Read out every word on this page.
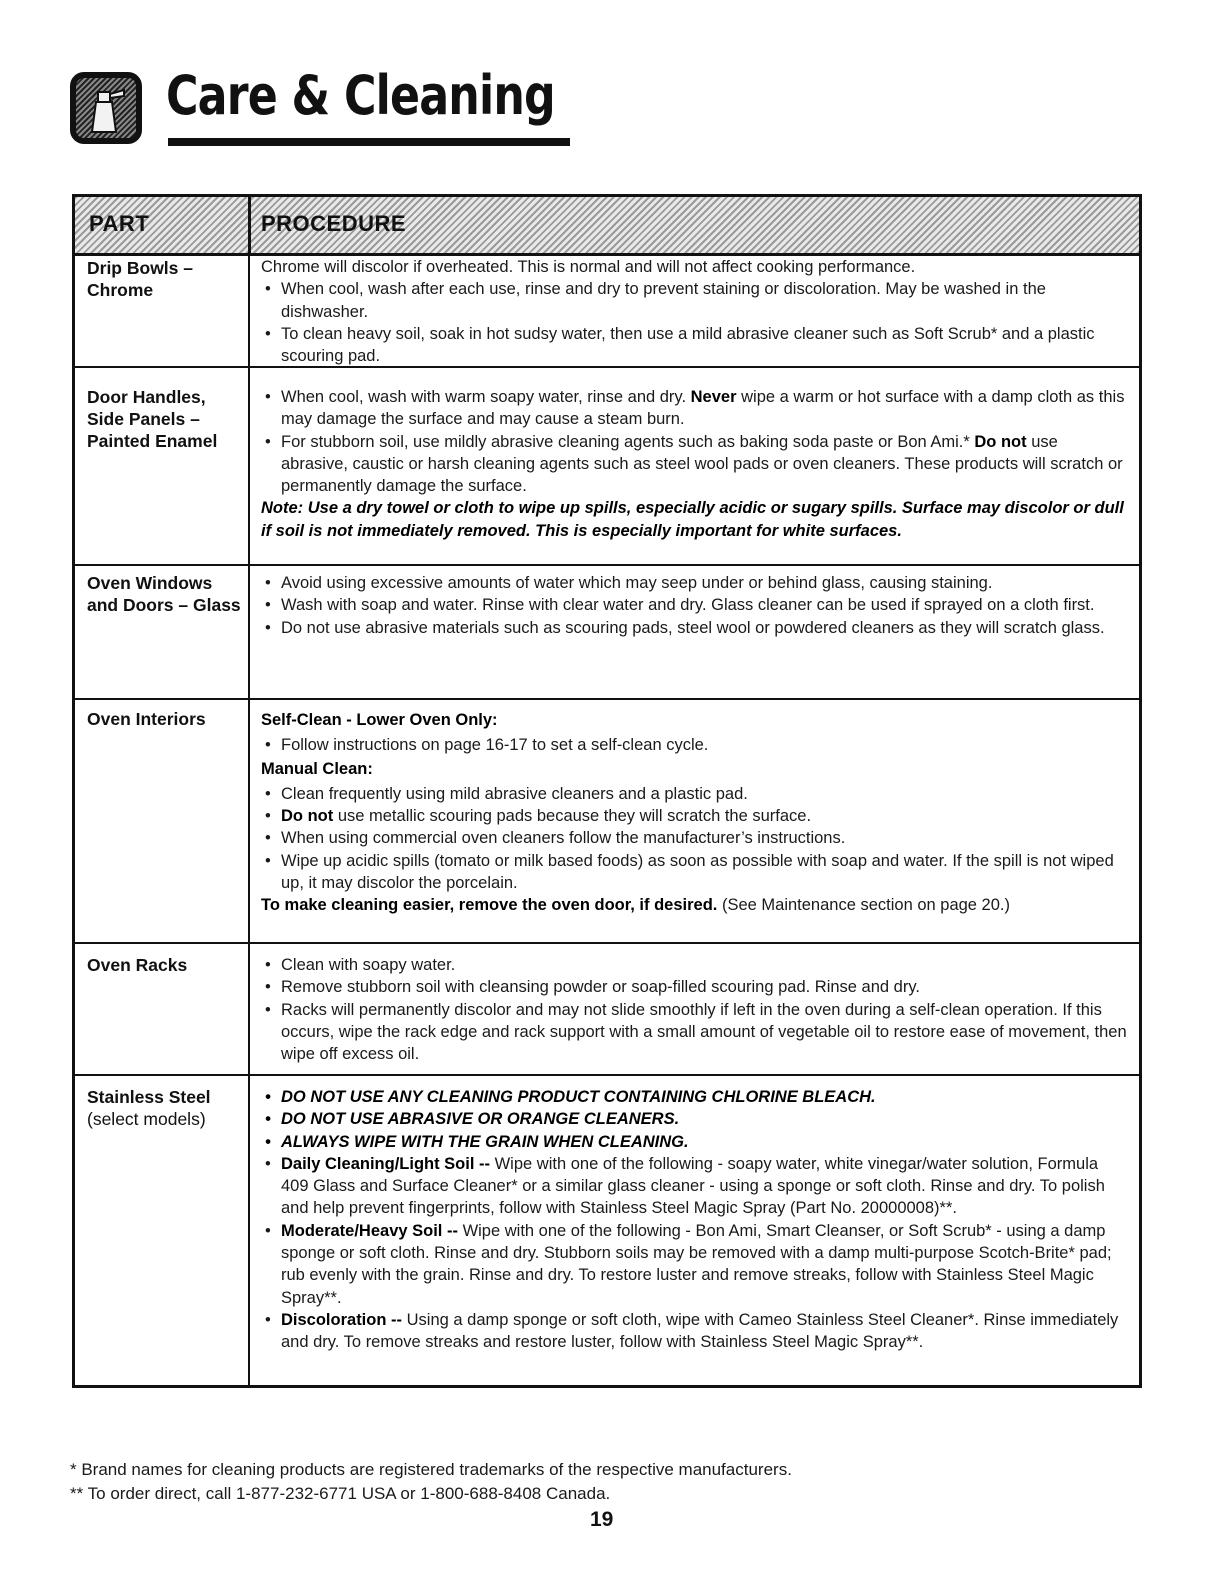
Care & Cleaning
PART	PROCEDURE
Drip Bowls – Chrome

Chrome will discolor if overheated. This is normal and will not affect cooking performance.

• When cool, wash after each use, rinse and dry to prevent staining or discoloration. May be washed in the dishwasher.
• To clean heavy soil, soak in hot sudsy water, then use a mild abrasive cleaner such as Soft Scrub* and a plastic scouring pad.
Door Handles, Side Panels – Painted Enamel
• When cool, wash with warm soapy water, rinse and dry. Never wipe a warm or hot surface with a damp cloth as this may damage the surface and may cause a steam burn.
• For stubborn soil, use mildly abrasive cleaning agents such as baking soda paste or Bon Ami.* Do not use abrasive, caustic or harsh cleaning agents such as steel wool pads or oven cleaners. These products will scratch or permanently damage the surface.

Note: Use a dry towel or cloth to wipe up spills, especially acidic or sugary spills. Surface may discolor or dull if soil is not immediately removed. This is especially important for white surfaces.

Oven Windows and Doors – Glass
• Avoid using excessive amounts of water which may seep under or behind glass, causing staining.
• Wash with soap and water. Rinse with clear water and dry. Glass cleaner can be used if sprayed on a cloth first.
• Do not use abrasive materials such as scouring pads, steel wool or powdered cleaners as they will scratch glass.
Oven Interiors	Self-Clean - Lower Oven Only:

• Follow instructions on page 16-17 to set a self-clean cycle.

Manual Clean:

• Clean frequently using mild abrasive cleaners and a plastic pad.
• Do not use metallic scouring pads because they will scratch the surface.
• When using commercial oven cleaners follow the manufacturer’s instructions.
• Wipe up acidic spills (tomato or milk based foods) as soon as possible with soap and water. If the spill is not wiped up, it may discolor the porcelain.

To make cleaning easier, remove the oven door, if desired. (See Maintenance section on page 20.)

Oven Racks
•	Clean with soapy water.
• Remove stubborn soil with cleansing powder or soap-filled scouring pad. Rinse and dry.
• Racks will permanently discolor and may not slide smoothly if left in the oven during a self-clean operation. If this occurs, wipe the rack edge and rack support with a small amount of vegetable oil to restore ease of movement, then wipe off excess oil.
Stainless Steel
(select models)
• DO NOT USE ANY CLEANING PRODUCT CONTAINING CHLORINE BLEACH.
• DO NOT USE ABRASIVE OR ORANGE CLEANERS.
• ALWAYS WIPE WITH THE GRAIN WHEN CLEANING.
• Daily Cleaning/Light Soil -- Wipe with one of the following - soapy water, white vinegar/water solution, Formula 409 Glass and Surface Cleaner* or a similar glass cleaner - using a sponge or soft cloth. Rinse and dry. To polish and help prevent fingerprints, follow with Stainless Steel Magic Spray (Part No. 20000008)**.
• Moderate/Heavy Soil -- Wipe with one of the following - Bon Ami, Smart Cleanser, or Soft Scrub* - using a damp sponge or soft cloth. Rinse and dry. Stubborn soils may be removed with a damp multi-purpose Scotch-Brite* pad; rub evenly with the grain. Rinse and dry. To restore luster and remove streaks, follow with Stainless Steel Magic Spray**.
• Discoloration -- Using a damp sponge or soft cloth, wipe with Cameo Stainless Steel Cleaner*. Rinse immediately and dry. To remove streaks and restore luster, follow with Stainless Steel Magic Spray**.
* Brand names for cleaning products are registered trademarks of the respective manufacturers.
** To order direct, call 1-877-232-6771 USA or 1-800-688-8408 Canada.
19
